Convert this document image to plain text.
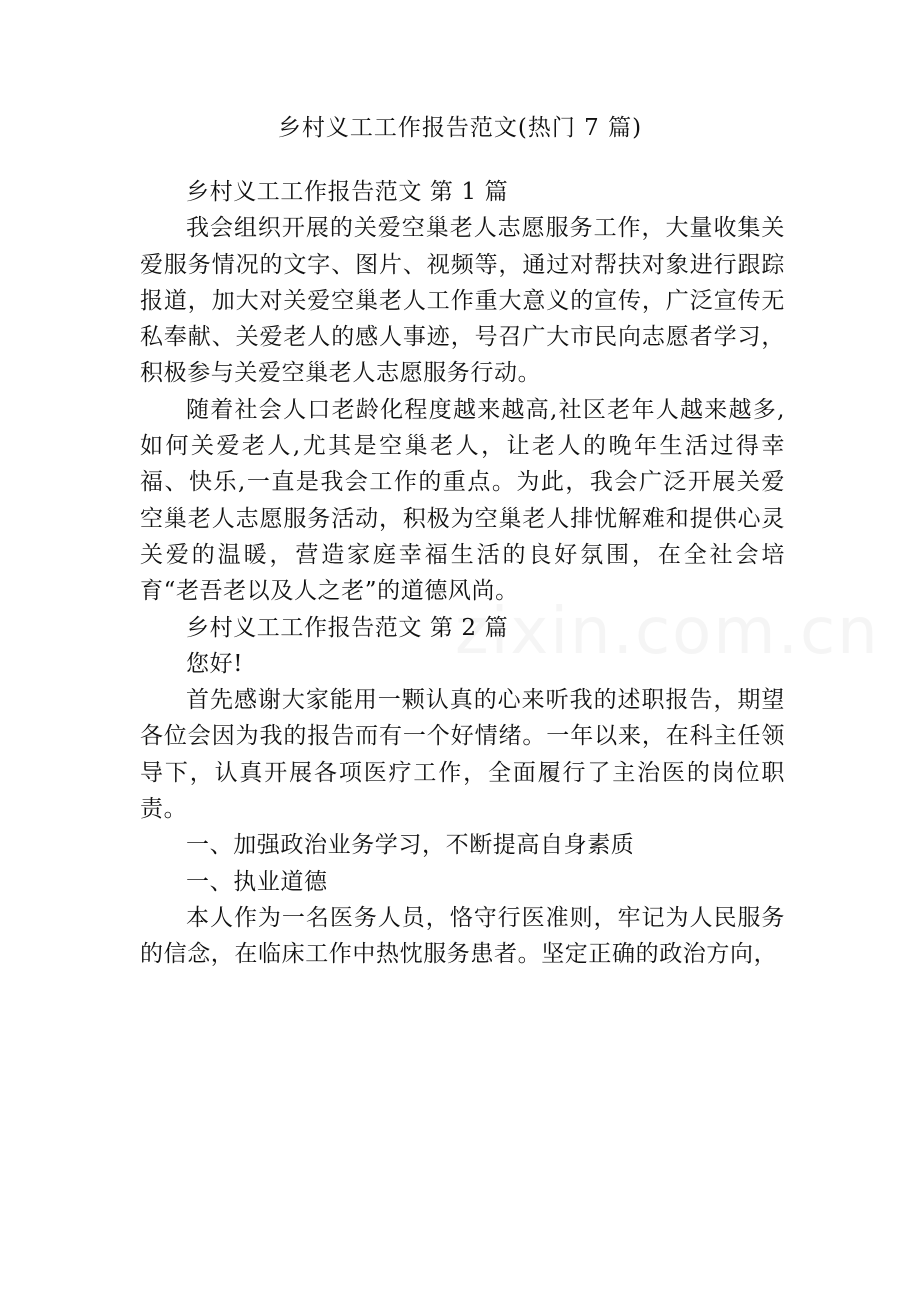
zixin.com.cn
乡村义工工作报告范文(热门 7 篇)

乡村义工工作报告范文 第 1 篇

我会组织开展的关爱空巢老人志愿服务工作，大量收集关爱服务情况的文字、图片、视频等，通过对帮扶对象进行跟踪报道，加大对关爱空巢老人工作重大意义的宣传，广泛宣传无私奉献、关爱老人的感人事迹，号召广大市民向志愿者学习，积极参与关爱空巢老人志愿服务行动。

随着社会人口老龄化程度越来越高,社区老年人越来越多,如何关爱老人,尤其是空巢老人，让老人的晚年生活过得幸福、快乐,一直是我会工作的重点。为此，我会广泛开展关爱空巢老人志愿服务活动，积极为空巢老人排忧解难和提供心灵关爱的温暖，营造家庭幸福生活的良好氛围，在全社会培育“老吾老以及人之老”的道德风尚。

乡村义工工作报告范文 第 2 篇

您好!

首先感谢大家能用一颗认真的心来听我的述职报告，期望各位会因为我的报告而有一个好情绪。一年以来，在科主任领导下，认真开展各项医疗工作，全面履行了主治医的岗位职责。

一、加强政治业务学习，不断提高自身素质

一、执业道德

本人作为一名医务人员，恪守行医准则，牢记为人民服务的信念，在临床工作中热忱服务患者。坚定正确的政治方向，
